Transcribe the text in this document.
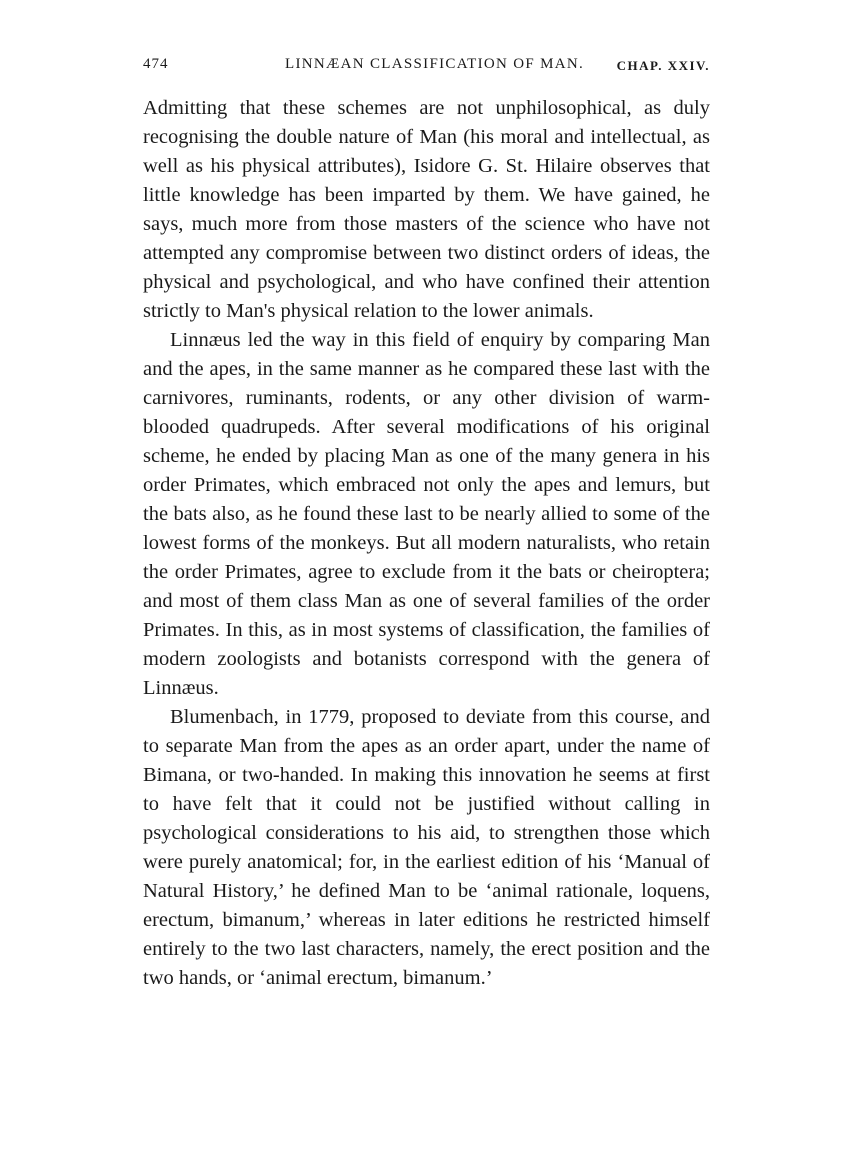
474	LINNÆAN CLASSIFICATION OF MAN.	CHAP. XXIV.

Admitting that these schemes are not unphilosophical, as duly recognising the double nature of Man (his moral and intellectual, as well as his physical attributes), Isidore G. St. Hilaire observes that little knowledge has been imparted by them. We have gained, he says, much more from those masters of the science who have not attempted any compromise between two distinct orders of ideas, the physical and psychological, and who have confined their attention strictly to Man's physical relation to the lower animals.

Linnæus led the way in this field of enquiry by comparing Man and the apes, in the same manner as he compared these last with the carnivores, ruminants, rodents, or any other division of warm-blooded quadrupeds. After several modifications of his original scheme, he ended by placing Man as one of the many genera in his order Primates, which embraced not only the apes and lemurs, but the bats also, as he found these last to be nearly allied to some of the lowest forms of the monkeys. But all modern naturalists, who retain the order Primates, agree to exclude from it the bats or cheiroptera; and most of them class Man as one of several families of the order Primates. In this, as in most systems of classification, the families of modern zoologists and botanists correspond with the genera of Linnæus.

Blumenbach, in 1779, proposed to deviate from this course, and to separate Man from the apes as an order apart, under the name of Bimana, or two-handed. In making this innovation he seems at first to have felt that it could not be justified without calling in psychological considerations to his aid, to strengthen those which were purely anatomical; for, in the earliest edition of his ‘Manual of Natural History,’ he defined Man to be ‘animal rationale, loquens, erectum, bimanum,’ whereas in later editions he restricted himself entirely to the two last characters, namely, the erect position and the two hands, or ‘animal erectum, bimanum.’
